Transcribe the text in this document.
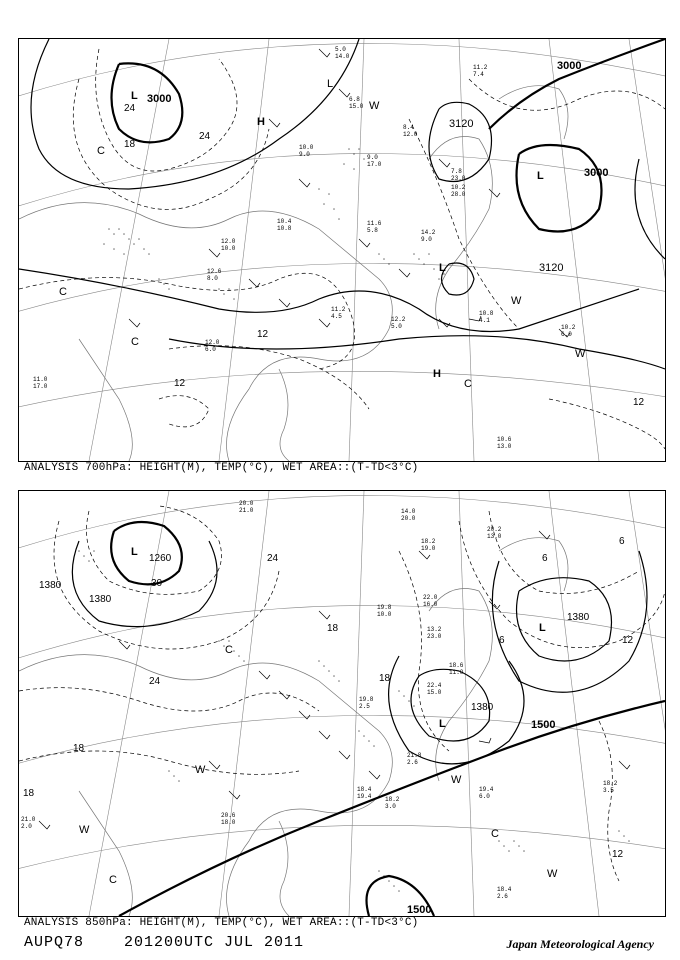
3000
3000
3000
3120
3120
24
24
18
12
12
12
L
L
L
L
H
H
C
C
C
C
W
W
W
5.0
14.0
6.8
15.0
8.4
12.0
11.2
7.4
7.8
23.0
10.2
28.0
10.0
9.0	9.0
17.0
10.4
10.8
12.0
10.0
11.6
5.8	14.2
9.0
12.6
8.0
10.8
4.1
10.2
6.0
12.2
5.0
11.2
4.5
10.6
13.0
11.0
17.0
12.0
6.0
ANALYSIS 700hPa: HEIGHT(M), TEMP(°C), WET AREA::(T-TD<3°C)
1380
1380
1380
1380
1500
1500
1260
30
24
24
18
18
18
18
12
12
6
6
6
L
L
L
C
C
C
W
W
W
W
14.0
20.0
20.2
13.0
18.2
19.0
19.8
10.0
22.0
16.0
13.2
23.0
18.6
11.0
22.4
15.0
19.4
6.0
20.6
18.0
19.8
2.5
21.8
2.6
18.2
3.0
18.2
3.5
18.4
2.6
21.0
2.0
20.0
21.0
18.4
19.4
ANALYSIS 850hPa: HEIGHT(M), TEMP(°C), WET AREA::(T-TD<3°C)
AUPQ78	201200UTC JUL 2011	Japan Meteorological Agency
